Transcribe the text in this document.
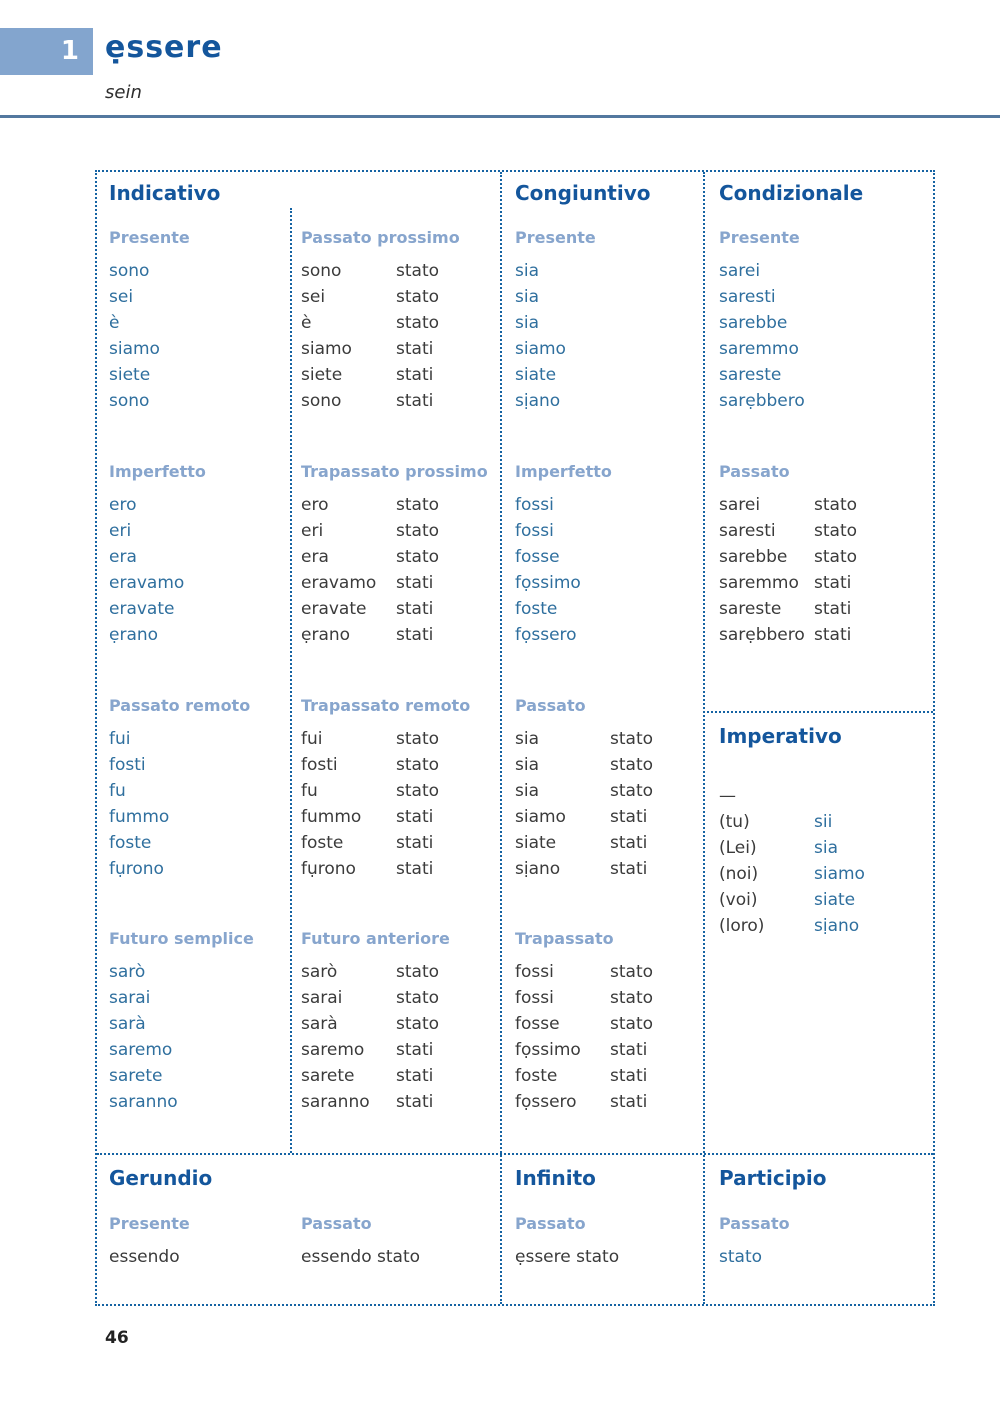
1 ẹssere
sein
Indicativo
Presente
sono
sei
è
siamo
siete
sono
Imperfetto
ero
eri
era
eravamo
eravate
ẹrano
Passato remoto
fui
fosti
fu
fummo
foste
fụrono
Futuro semplice
sarò
sarai
sarà
saremo
sarete
saranno
Passato prossimo
sono	stato
sei	stato
è	stato
siamo	stati
siete	stati
sono	stati
Trapassato prossimo
ero	stato
eri	stato
era	stato
eravamo stati
eravate stati
ẹrano	stati
Trapassato remoto
fui	stato
fosti	stato
fu	stato
fummo stati
foste	stati
fụrono stati
Futuro anteriore
sarò	stato
sarai	stato
sarà	stato
saremo stati
sarete stati
saranno stati
Congiuntivo
Presente
sia
sia
sia
siamo
siate
sịano
Imperfetto
fossi
fossi
fosse
fọssimo
foste
fọssero
Passato
sia	stato
sia	stato
sia	stato
siamo	stati
siate	stati
sịano	stati
Trapassato
fossi	stato
fossi	stato
fosse	stato
fọssimo stati
foste	stati
fọssero stati
Condizionale
Presente
sarei
saresti
sarebbe
saremmo
sareste
sarẹbbero
Passato
sarei	stato
saresti stato
sarebbe stato
saremmo stati
sareste stati
sarẹbbero stati
Imperativo
—
(tu)	sii
(Lei)	sia
(noi)	siamo
(voi)	siate
(loro)	sịano
Gerundio
Presente	Passato
essendo	essendo stato
Infinito
Passato
ẹssere stato
Participio
Passato
stato
46
